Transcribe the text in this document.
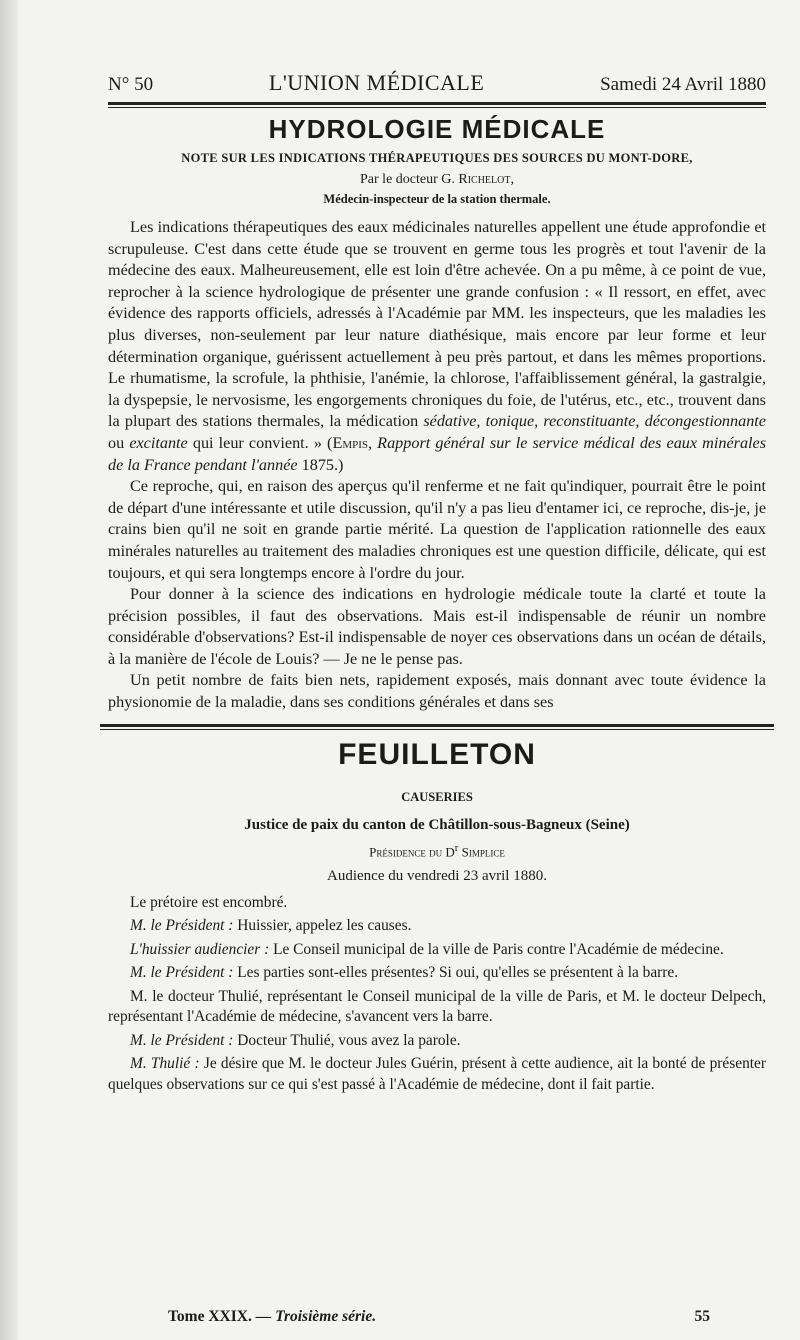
N° 50	L'UNION MÉDICALE	Samedi 24 Avril 1880
HYDROLOGIE MÉDICALE
NOTE SUR LES INDICATIONS THÉRAPEUTIQUES DES SOURCES DU MONT-DORE,
Par le docteur G. Richelot,
Médecin-inspecteur de la station thermale.

Les indications thérapeutiques des eaux médicinales naturelles appellent une étude approfondie et scrupuleuse. C'est dans cette étude que se trouvent en germe tous les progrès et tout l'avenir de la médecine des eaux. Malheureusement, elle est loin d'être achevée. On a pu même, à ce point de vue, reprocher à la science hydrologique de présenter une grande confusion : « Il ressort, en effet, avec évidence des rapports officiels, adressés à l'Académie par MM. les inspecteurs, que les maladies les plus diverses, non-seulement par leur nature diathésique, mais encore par leur forme et leur détermination organique, guérissent actuellement à peu près partout, et dans les mêmes proportions. Le rhumatisme, la scrofule, la phthisie, l'anémie, la chlorose, l'affaiblissement général, la gastralgie, la dyspepsie, le nervosisme, les engorgements chroniques du foie, de l'utérus, etc., etc., trouvent dans la plupart des stations thermales, la médication sédative, tonique, reconstituante, décongestionnante ou excitante qui leur convient. » (Empis, Rapport général sur le service médical des eaux minérales de la France pendant l'année 1875.)

Ce reproche, qui, en raison des aperçus qu'il renferme et ne fait qu'indiquer, pourrait être le point de départ d'une intéressante et utile discussion, qu'il n'y a pas lieu d'entamer ici, ce reproche, dis-je, je crains bien qu'il ne soit en grande partie mérité. La question de l'application rationnelle des eaux minérales naturelles au traitement des maladies chroniques est une question difficile, délicate, qui est toujours, et qui sera longtemps encore à l'ordre du jour.

Pour donner à la science des indications en hydrologie médicale toute la clarté et toute la précision possibles, il faut des observations. Mais est-il indispensable de réunir un nombre considérable d'observations? Est-il indispensable de noyer ces observations dans un océan de détails, à la manière de l'école de Louis? — Je ne le pense pas.

Un petit nombre de faits bien nets, rapidement exposés, mais donnant avec toute évidence la physionomie de la maladie, dans ses conditions générales et dans ses

FEUILLETON
CAUSERIES
Justice de paix du canton de Châtillon-sous-Bagneux (Seine)
Présidence du $D^r$ Simplice
Audience du vendredi 23 avril 1880.

Le prétoire est encombré.

M. le Président : Huissier, appelez les causes.

L'huissier audiencier : Le Conseil municipal de la ville de Paris contre l'Académie de médecine.

M. le Président : Les parties sont-elles présentes? Si oui, qu'elles se présentent à la barre.

M. le docteur Thulié, représentant le Conseil municipal de la ville de Paris, et M. le docteur Delpech, représentant l'Académie de médecine, s'avancent vers la barre.

M. le Président : Docteur Thulié, vous avez la parole.

M. Thulié : Je désire que M. le docteur Jules Guérin, présent à cette audience, ait la bonté de présenter quelques observations sur ce qui s'est passé à l'Académie de médecine, dont il fait partie.

Tome XXIX. — Troisième série.	55
